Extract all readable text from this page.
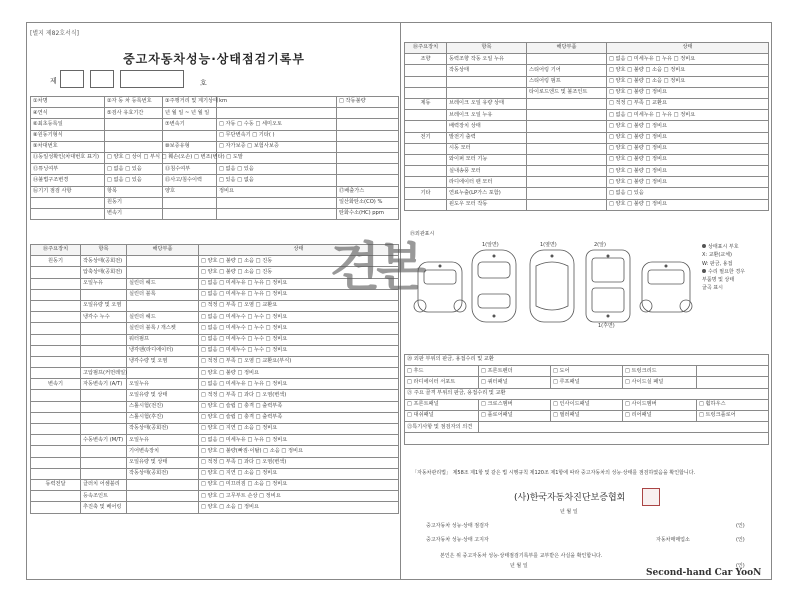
[별지 제82호서식]
중고자동차성능·상태점검기록부
제	호
①차명	②자 동 차 등록번호	③주행거리 및 계기상태	km	□ 작동불량
④연식	⑤검사 유효기간	년 월 일 ~ 년 월 일		
⑥최초등록일		⑦변속기	□ 자동 □ 수동 □ 세미오토	
⑧원동기형식			□ 무단변속기 □ 기타( )	
⑨차대번호		⑩보증유형	□ 자가보증 □ 보험사보증	
⑪동일성확인(차대번호 표기)	□ 양호 □ 상이 □ 부식 □ 훼손(오손) □ 변조(변타) □ 도말			
⑫튜닝여부	□ 없음 □ 있음	⑬침수여부	□ 없음 □ 있음	
⑭불법구조변경	□ 없음 □ 있음	⑮사고/침수이력	□ 있음 □ 없음	
⑯기기 점검 사항	항목	양호	정비요	⑰배출가스
	원동기			일산화탄소(CO) %
	변속기			탄화수소(HC) ppm
⑱주요장치	항목	해당부품	상태
원동기	작동상태(공회전)		□ 양호 □ 불량 □ 소음 □ 진동
	압축상태(공회전)		□ 양호 □ 불량 □ 소음 □ 진동
	오일누유	실린더 헤드	□ 없음 □ 미세누유 □ 누유 □ 정비요
		실린더 블록	□ 없음 □ 미세누유 □ 누유 □ 정비요
	오일유량 및 오염		□ 적정 □ 부족 □ 오염 □ 교환요
	냉각수 누수	실린더 헤드	□ 없음 □ 미세누수 □ 누수 □ 정비요
		실린더 블록 / 개스켓	□ 없음 □ 미세누수 □ 누수 □ 정비요
		워터펌프	□ 없음 □ 미세누수 □ 누수 □ 정비요
		냉각팬(라디에이터)	□ 없음 □ 미세누수 □ 누수 □ 정비요
		냉각수량 및 오염	□ 적정 □ 부족 □ 오염 □ 교환요(부식)
	고압펌프(커먼레일)		□ 양호 □ 불량 □ 정비요
변속기	자동변속기 (A/T)	오일누유	□ 없음 □ 미세누유 □ 누유 □ 정비요
		오일유량 및 상태	□ 적정 □ 부족 □ 과다 □ 오염(변색)
		스톨시험(전진)	□ 양호 □ 슬립 □ 충격 □ 출력부족
		스톨시험(후진)	□ 양호 □ 슬립 □ 충격 □ 출력부족
		작동상태(공회전)	□ 양호 □ 지연 □ 소음 □ 정비요
	수동변속기 (M/T)	오일누유	□ 없음 □ 미세누유 □ 누유 □ 정비요
		기어변속장치	□ 양호 □ 불량(빠짐·이탈) □ 소음 □ 정비요
		오일유량 및 상태	□ 적정 □ 부족 □ 과다 □ 오염(변색)
		작동상태(공회전)	□ 양호 □ 지연 □ 소음 □ 정비요
동력전달	클러치 어셈블리		□ 양호 □ 미끄러짐 □ 소음 □ 정비요
	등속조인트		□ 양호 □ 고무부트 손상 □ 정비요
	추진축 및 베어링		□ 양호 □ 소음 □ 정비요
⑱주요장치	항목	해당부품	상태
조향	동력조향 작동 오일 누유		□ 없음 □ 미세누유 □ 누유 □ 정비요
	작동상태	스티어링 기어	□ 양호 □ 불량 □ 소음 □ 정비요
		스티어링 펌프	□ 양호 □ 불량 □ 소음 □ 정비요
		타이로드엔드 및 볼조인트	□ 양호 □ 불량 □ 정비요
제동	브레이크 오일 유량 상태		□ 적정 □ 부족 □ 교환요
	브레이크 오일 누유		□ 없음 □ 미세누유 □ 누유 □ 정비요
	배력장치 상태		□ 양호 □ 불량 □ 정비요
전기	발전기 출력		□ 양호 □ 불량 □ 정비요
	시동 모터		□ 양호 □ 불량 □ 정비요
	와이퍼 모터 기능		□ 양호 □ 불량 □ 정비요
	실내송풍 모터		□ 양호 □ 불량 □ 정비요
	라디에이터 팬 모터		□ 양호 □ 불량 □ 정비요
기타	연료누출(LP가스 포함)		□ 없음 □ 있음
	윈도우 모터 작동		□ 양호 □ 불량 □ 정비요
⑲외관표시
1(앞면)	1(옆면)	2(앞)
1(후면)
상태표시 부호
X: 교환(교체)
W: 판금, 용접
수리 필요한 경우
부품명 및 상태
굴곡 표시
⑳ 외판 부위의 판금, 용접수리 및 교환				
□ 후드	□ 프론트펜더	□ 도어	□ 트렁크리드	
□ 라디에이터 서포트	□ 쿼터패널	□ 루프패널	□ 사이드실 패널	
㉑ 주요 골격 부위의 판금, 용접수리 및 교환				
□ 프론트패널	□ 크로스멤버	□ 인사이드패널	□ 사이드멤버	□ 휠하우스
□ 대쉬패널	□ 플로어패널	□ 필러패널	□ 리어패널	□ 트렁크플로어
㉒특기사항 및 점검자의 의견				

견본
「자동차관리법」 제58조 제1항 및 같은 법 시행규칙 제120조 제1항에 따라 중고자동차의 성능·상태를 점검하였음을 확인합니다.
(사)한국자동차진단보증협회
년 월 일
중고자동차 성능·상태 점검자	(인)
중고자동차 성능·상태 고지자	자동차매매업소	(인)
본인은 위 중고자동차 성능·상태점검기록부를 교부받은 사실을 확인합니다.
년 월 일	(인)
Second-hand Car YooN
